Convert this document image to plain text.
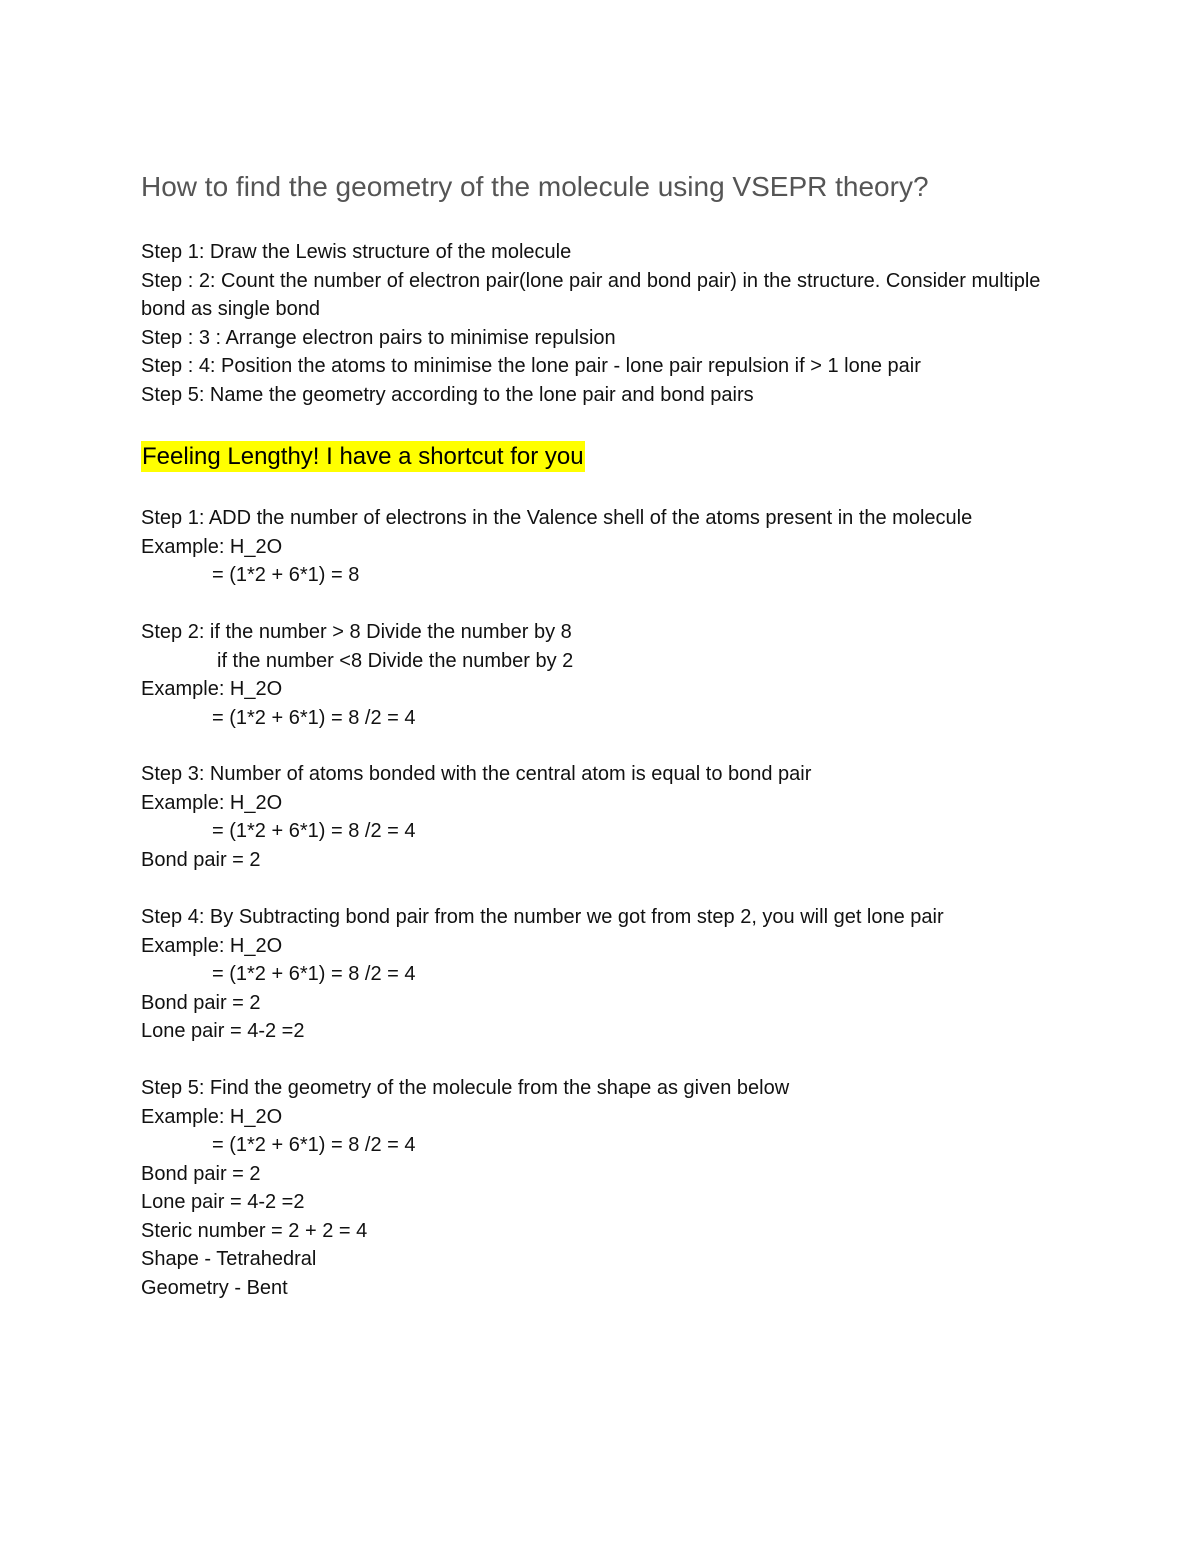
How to find the geometry of the molecule using VSEPR theory?
Step 1: Draw the Lewis structure of the molecule
Step : 2: Count the number of electron pair(lone pair and bond pair) in the structure. Consider multiple bond as single bond
Step : 3 : Arrange electron pairs to minimise repulsion
Step : 4: Position the atoms to minimise the lone pair - lone pair repulsion if > 1 lone pair
Step 5: Name the geometry according to the lone pair and bond pairs
Feeling Lengthy! I have a shortcut for you
Step 1: ADD the number of electrons in the Valence shell of the atoms present in the molecule
Example: H_2O
= (1*2 + 6*1) = 8
Step 2: if the number > 8 Divide the number by 8
if the number <8 Divide the number by 2
Example: H_2O
= (1*2 + 6*1) = 8 /2 = 4
Step 3: Number of atoms bonded with the central atom is equal to bond pair
Example: H_2O
= (1*2 + 6*1) = 8 /2 = 4
Bond pair = 2
Step 4: By Subtracting bond pair from the number we got from step 2, you will get lone pair
Example: H_2O
= (1*2 + 6*1) = 8 /2 = 4
Bond pair = 2
Lone pair = 4-2 =2
Step 5: Find the geometry of the molecule from the shape as given below
Example: H_2O
= (1*2 + 6*1) = 8 /2 = 4
Bond pair = 2
Lone pair = 4-2 =2
Steric number = 2 + 2 = 4
Shape - Tetrahedral
Geometry - Bent
